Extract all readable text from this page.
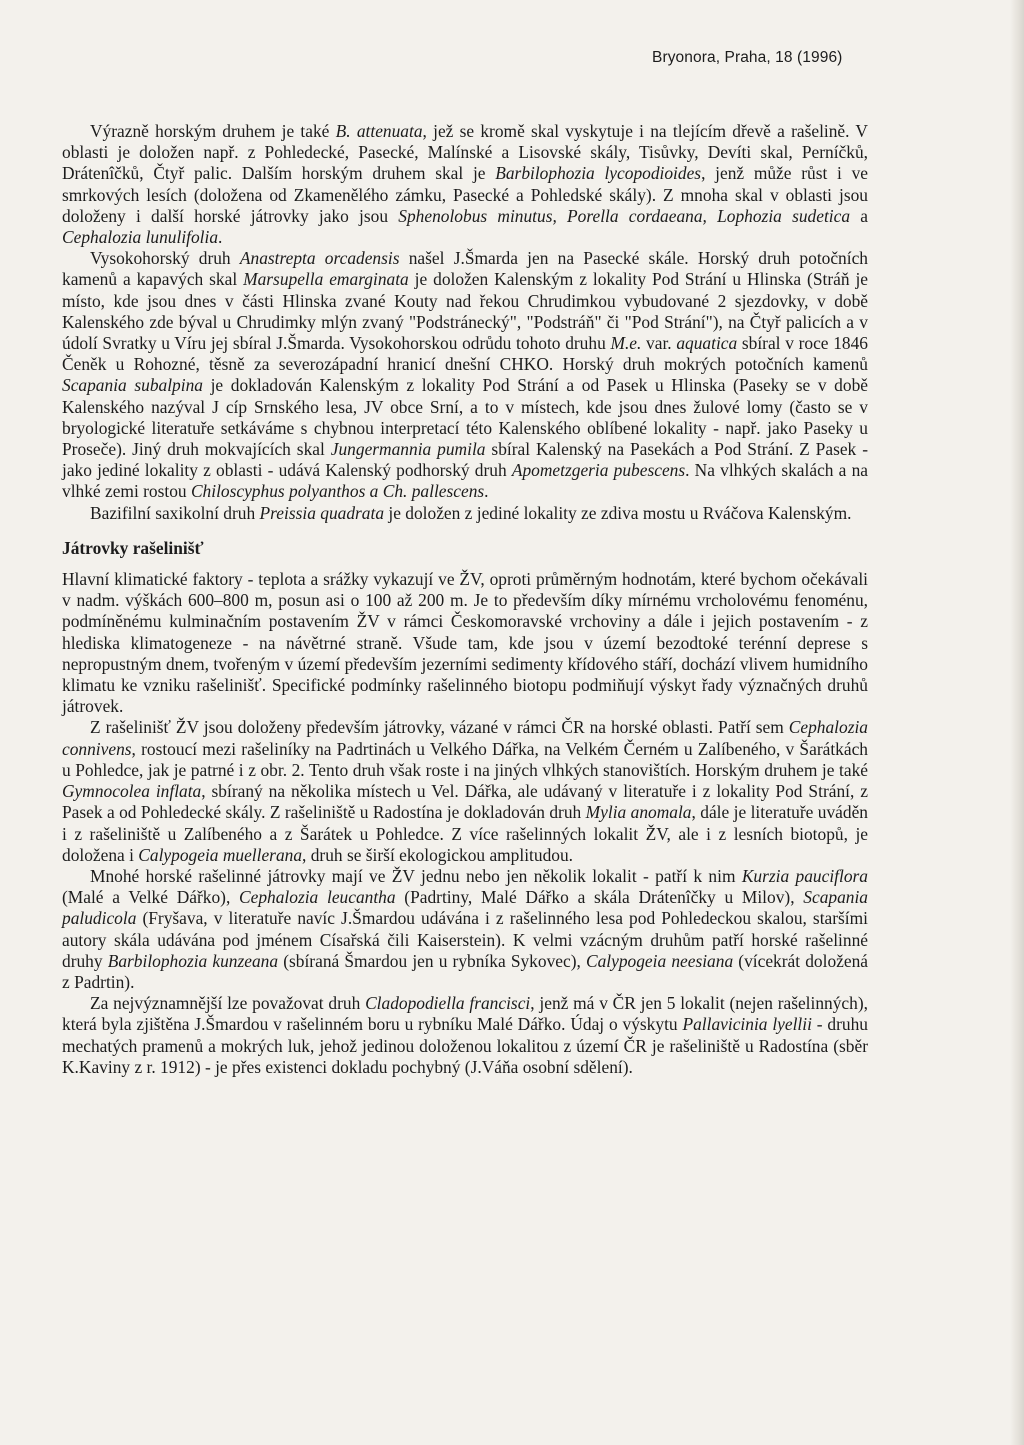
Bryonora, Praha, 18 (1996)

Výrazně horským druhem je také B. attenuata, jež se kromě skal vyskytuje i na tlejícím dřevě a rašelině. V oblasti je doložen např. z Pohledecké, Pasecké, Malínské a Lisovské skály, Tisůvky, Devíti skal, Perníčků, Drátenîčků, Čtyř palic. Dalším horským druhem skal je Barbilophozia lycopodioides, jenž může růst i ve smrkových lesích (doložena od Zkamenělého zámku, Pasecké a Pohledské skály). Z mnoha skal v oblasti jsou doloženy i další horské játrovky jako jsou Sphenolobus minutus, Porella cordaeana, Lophozia sudetica a Cephalozia lunulifolia.

Vysokohorský druh Anastrepta orcadensis našel J.Šmarda jen na Pasecké skále. Horský druh potočních kamenů a kapavých skal Marsupella emarginata je doložen Kalenským z lokality Pod Strání u Hlinska (Stráň je místo, kde jsou dnes v části Hlinska zvané Kouty nad řekou Chrudimkou vybudované 2 sjezdovky, v době Kalenského zde býval u Chrudimky mlýn zvaný "Podstránecký", "Podstráň" či "Pod Strání"), na Čtyř palicích a v údolí Svratky u Víru jej sbíral J.Šmarda. Vysokohorskou odrůdu tohoto druhu M.e. var. aquatica sbíral v roce 1846 Čeněk u Rohozné, těsně za severozápadní hranicí dnešní CHKO. Horský druh mokrých potočních kamenů Scapania subalpina je dokladován Kalenským z lokality Pod Strání a od Pasek u Hlinska (Paseky se v době Kalenského nazýval J cíp Srnského lesa, JV obce Srní, a to v místech, kde jsou dnes žulové lomy (často se v bryologické literatuře setkáváme s chybnou interpretací této Kalenského oblíbené lokality - např. jako Paseky u Proseče). Jiný druh mokvajících skal Jungermannia pumila sbíral Kalenský na Pasekách a Pod Strání. Z Pasek - jako jediné lokality z oblasti - udává Kalenský podhorský druh Apometzgeria pubescens. Na vlhkých skalách a na vlhké zemi rostou Chiloscyphus polyanthos a Ch. pallescens.

Bazifilní saxikolní druh Preissia quadrata je doložen z jediné lokality ze zdiva mostu u Rváčova Kalenským.

Játrovky rašelinišť

Hlavní klimatické faktory - teplota a srážky vykazují ve ŽV, oproti průměrným hodnotám, které bychom očekávali v nadm. výškách 600–800 m, posun asi o 100 až 200 m. Je to především díky mírnému vrcholovému fenoménu, podmíněnému kulminačním postavením ŽV v rámci Českomoravské vrchoviny a dále i jejich postavením - z hlediska klimatogeneze - na návětrné straně. Všude tam, kde jsou v území bezodtoké terénní deprese s nepropustným dnem, tvořeným v území především jezerními sedimenty křídového stáří, dochází vlivem humidního klimatu ke vzniku rašelinišť. Specifické podmínky rašelinného biotopu podmiňují výskyt řady význačných druhů játrovek.

Z rašelinišť ŽV jsou doloženy především játrovky, vázané v rámci ČR na horské oblasti. Patří sem Cephalozia connivens, rostoucí mezi rašeliníky na Padrtinách u Velkého Dářka, na Velkém Černém u Zalíbeného, v Šarátkách u Pohledce, jak je patrné i z obr. 2. Tento druh však roste i na jiných vlhkých stanovištích. Horským druhem je také Gymnocolea inflata, sbíraný na několika místech u Vel. Dářka, ale udávaný v literatuře i z lokality Pod Strání, z Pasek a od Pohledecké skály. Z rašeliniště u Radostína je dokladován druh Mylia anomala, dále je literatuře uváděn i z rašeliniště u Zalíbeného a z Šarátek u Pohledce. Z více rašelinných lokalit ŽV, ale i z lesních biotopů, je doložena i Calypogeia muellerana, druh se širší ekologickou amplitudou.

Mnohé horské rašelinné játrovky mají ve ŽV jednu nebo jen několik lokalit - patří k nim Kurzia pauciflora (Malé a Velké Dářko), Cephalozia leucantha (Padrtiny, Malé Dářko a skála Drátenîčky u Milov), Scapania paludicola (Fryšava, v literatuře navíc J.Šmardou udávána i z rašelinného lesa pod Pohledeckou skalou, staršími autory skála udávána pod jménem Císařská čili Kaiserstein). K velmi vzácným druhům patří horské rašelinné druhy Barbilophozia kunzeana (sbíraná Šmardou jen u rybníka Sykovec), Calypogeia neesiana (vícekrát doložená z Padrtin).

Za nejvýznamnější lze považovat druh Cladopodiella francisci, jenž má v ČR jen 5 lokalit (nejen rašelinných), která byla zjištěna J.Šmardou v rašelinném boru u rybníku Malé Dářko. Údaj o výskytu Pallavicinia lyellii - druhu mechatých pramenů a mokrých luk, jehož jedinou doloženou lokalitou z území ČR je rašeliniště u Radostína (sběr K.Kaviny z r. 1912) - je přes existenci dokladu pochybný (J.Váňa osobní sdělení).
